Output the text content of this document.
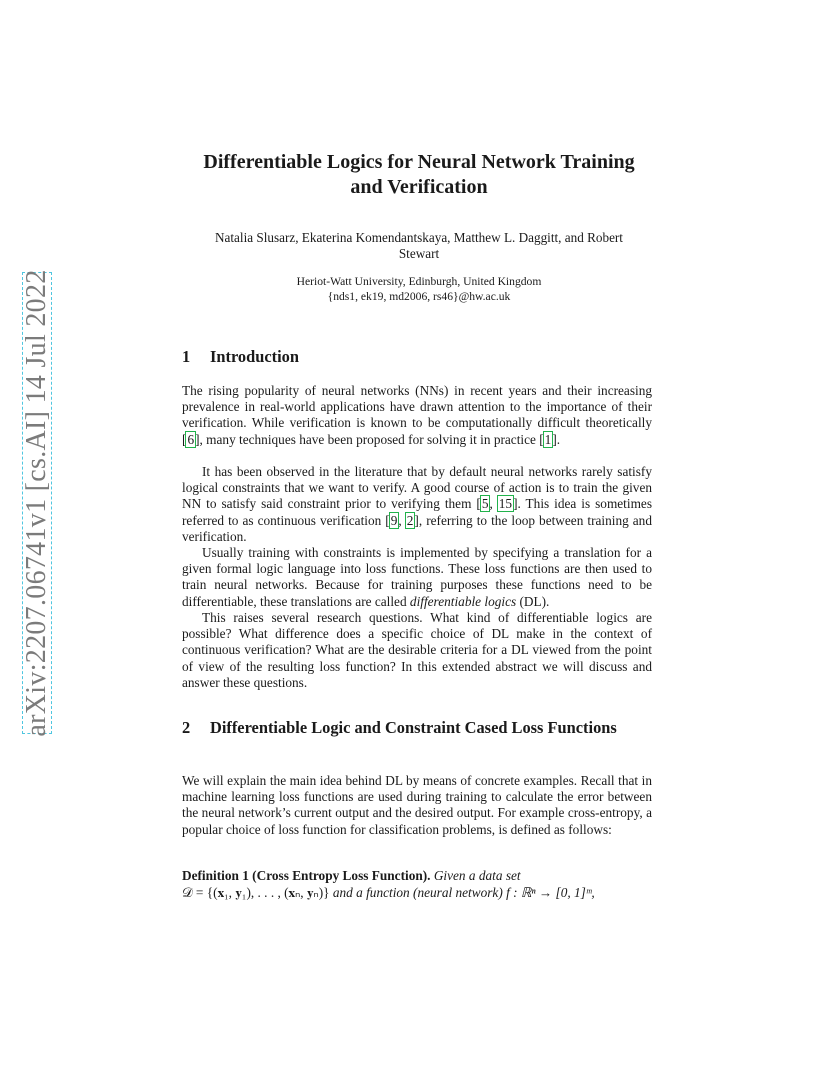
arXiv:2207.06741v1 [cs.AI] 14 Jul 2022
Differentiable Logics for Neural Network Training
and Verification
Natalia Slusarz, Ekaterina Komendantskaya, Matthew L. Daggitt, and Robert
Stewart
Heriot-Watt University, Edinburgh, United Kingdom
{nds1, ek19, md2006, rs46}@hw.ac.uk
1 Introduction

The rising popularity of neural networks (NNs) in recent years and their increasing prevalence in real-world applications have drawn attention to the importance of their verification. While verification is known to be computationally difficult theoretically [6], many techniques have been proposed for solving it in practice [1].

It has been observed in the literature that by default neural networks rarely satisfy logical constraints that we want to verify. A good course of action is to train the given NN to satisfy said constraint prior to verifying them [5, 15]. This idea is sometimes referred to as continuous verification [9, 2], referring to the loop between training and verification.

Usually training with constraints is implemented by specifying a translation for a given formal logic language into loss functions. These loss functions are then used to train neural networks. Because for training purposes these functions need to be differentiable, these translations are called differentiable logics (DL).

This raises several research questions. What kind of differentiable logics are possible? What difference does a specific choice of DL make in the context of continuous verification? What are the desirable criteria for a DL viewed from the point of view of the resulting loss function? In this extended abstract we will discuss and answer these questions.

2 Differentiable Logic and Constraint Cased Loss Functions

We will explain the main idea behind DL by means of concrete examples. Recall that in machine learning loss functions are used during training to calculate the error between the neural network’s current output and the desired output. For example cross-entropy, a popular choice of loss function for classification problems, is defined as follows:

Definition 1 (Cross Entropy Loss Function). Given a data set
𝒟 = {(𝐱₁, 𝐲₁), . . . , (𝐱ₙ, 𝐲ₙ)} and a function (neural network) f : ℝⁿ → [0, 1]ᵐ,
